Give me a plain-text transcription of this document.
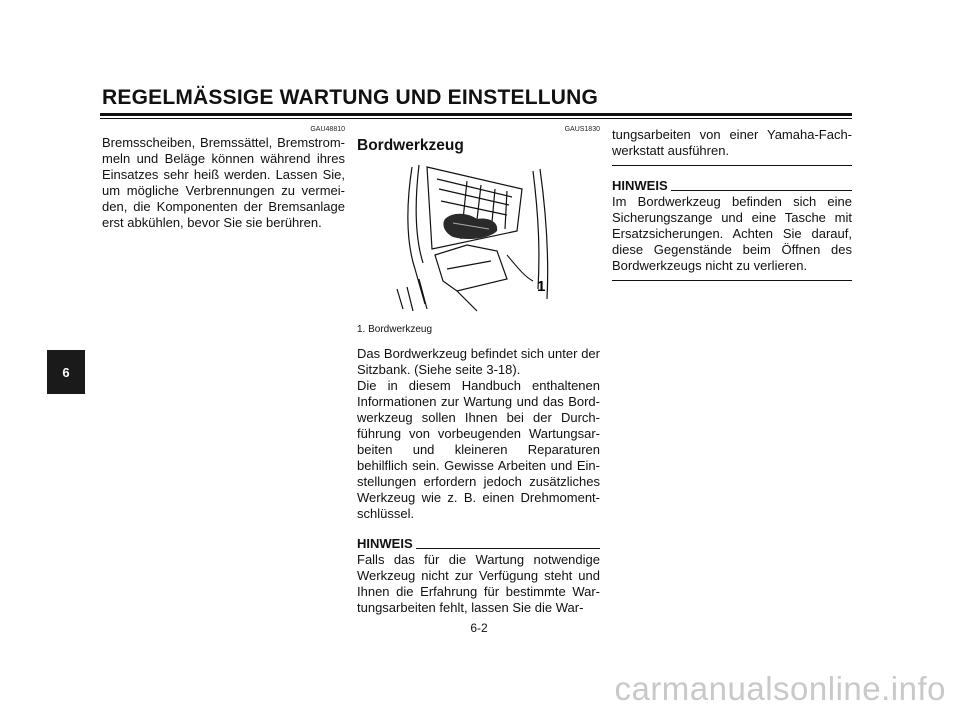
REGELMÄSSIGE WARTUNG UND EINSTELLUNG
6
GAU48810

Bremsscheiben, Bremssättel, Bremstrom-meln und Beläge können während ihres Einsatzes sehr heiß werden. Lassen Sie, um mögliche Verbrennungen zu vermei-den, die Komponenten der Bremsanlage erst abkühlen, bevor Sie sie berühren.

GAUS1830
Bordwerkzeug
1
1. Bordwerkzeug

Das Bordwerkzeug befindet sich unter der Sitzbank. (Siehe seite 3-18).
Die in diesem Handbuch enthaltenen Informationen zur Wartung und das Bord-werkzeug sollen Ihnen bei der Durch-führung von vorbeugenden Wartungsar-beiten und kleineren Reparaturen behilflich sein. Gewisse Arbeiten und Ein-stellungen erfordern jedoch zusätzliches Werkzeug wie z. B. einen Drehmoment-schlüssel.

HINWEIS

Falls das für die Wartung notwendige Werkzeug nicht zur Verfügung steht und Ihnen die Erfahrung für bestimmte War-tungsarbeiten fehlt, lassen Sie die War-

tungsarbeiten von einer Yamaha-Fach-werkstatt ausführen.

HINWEIS

Im Bordwerkzeug befinden sich eine Sicherungszange und eine Tasche mit Ersatzsicherungen. Achten Sie darauf, diese Gegenstände beim Öffnen des Bordwerkzeugs nicht zu verlieren.

6-2
carmanualsonline.info
